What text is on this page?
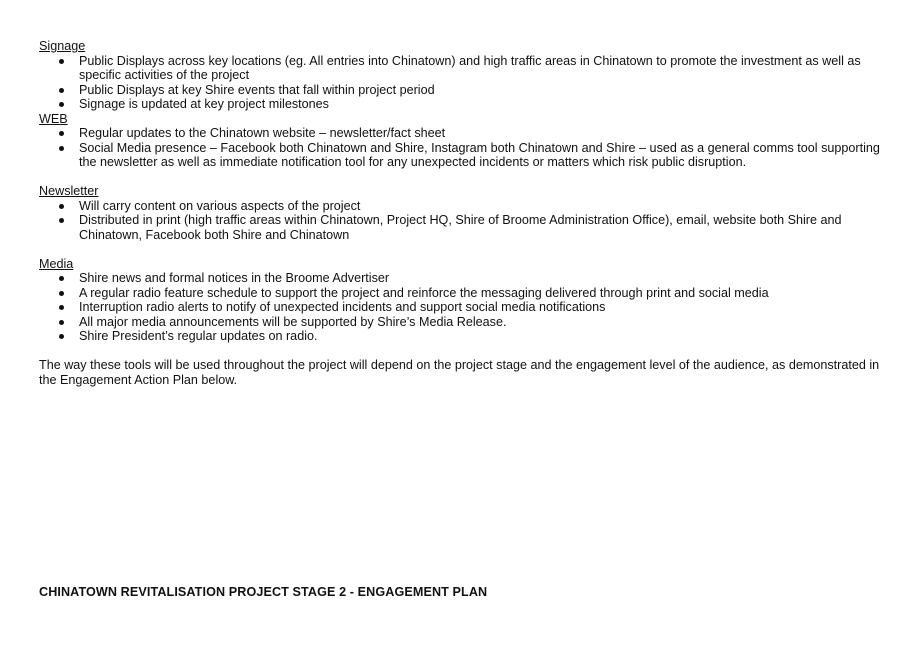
Signage
Public Displays across key locations (eg. All entries into Chinatown) and high traffic areas in Chinatown to promote the investment as well as specific activities of the project
Public Displays at key Shire events that fall within project period
Signage is updated at key project milestones
WEB
Regular updates to the Chinatown website – newsletter/fact sheet
Social Media presence – Facebook both Chinatown and Shire, Instagram both Chinatown and Shire – used as a general comms tool supporting the newsletter as well as immediate notification tool for any unexpected incidents or matters which risk public disruption.
Newsletter
Will carry content on various aspects of the project
Distributed in print (high traffic areas within Chinatown, Project HQ, Shire of Broome Administration Office), email, website both Shire and Chinatown, Facebook both Shire and Chinatown
Media
Shire news and formal notices in the Broome Advertiser
A regular radio feature schedule to support the project and reinforce the messaging delivered through print and social media
Interruption radio alerts to notify of unexpected incidents and support social media notifications
All major media announcements will be supported by Shire’s Media Release.
Shire President’s regular updates on radio.

The way these tools will be used throughout the project will depend on the project stage and the engagement level of the audience, as demonstrated in the Engagement Action Plan below.

CHINATOWN REVITALISATION PROJECT STAGE 2 - ENGAGEMENT PLAN
